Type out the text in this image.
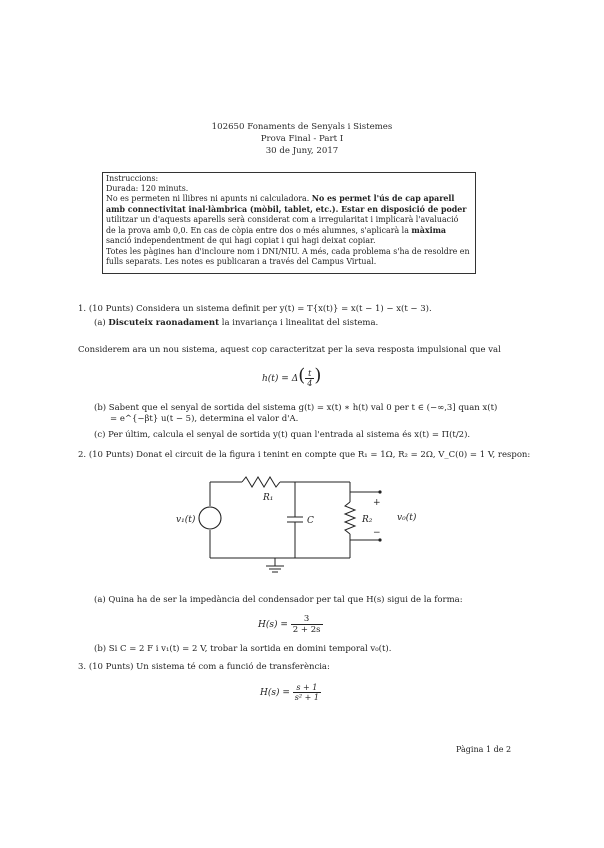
102650 Fonaments de Senyals i Sistemes
Prova Final - Part I
30 de Juny, 2017
Instruccions:
Durada: 120 minuts.
No es permeten ni llibres ni apunts ni calculadora. No es permet l'ús de cap aparell
amb connectivitat inal·làmbrica (mòbil, tablet, etc.). Estar en disposició de poder
utilitzar un d'aquests aparells serà considerat com a irregularitat i implicarà l'avaluació
de la prova amb 0,0. En cas de còpia entre dos o més alumnes, s'aplicarà la màxima
sanció independentment de qui hagi copiat i qui hagi deixat copiar.
Totes les pàgines han d'incloure nom i DNI/NIU. A més, cada problema s'ha de resoldre en
fulls separats. Les notes es publicaran a través del Campus Virtual.
1. (10 Punts) Considera un sistema definit per y(t) = T{x(t)} = x(t − 1) − x(t − 3).
(a) Discuteix raonadament la invariança i linealitat del sistema.
Considerem ara un nou sistema, aquest cop caracteritzat per la seva resposta impulsional que val
$h(t) = \Delta( \frac{t}{4}$ )
(b) Sabent que el senyal de sortida del sistema g(t) = x(t) ∗ h(t) val 0 per t ∈ (−∞,3] quan x(t)
= e^{−βt} u(t − 5), determina el valor d'A.
(c) Per últim, calcula el senyal de sortida y(t) quan l'entrada al sistema és x(t) = Π(t/2).
2. (10 Punts) Donat el circuit de la figura i tenint en compte que R₁ = 1Ω, R₂ = 2Ω, V_C(0) = 1 V, respon:
v₁(t)
R₁
C	R₂	v₀(t)
+
−
(a) Quina ha de ser la impedància del condensador per tal que H(s) sigui de la forma:
$H(s) = \frac{3}{2 + 2s}$
(b) Si C = 2 F i v₁(t) = 2 V, trobar la sortida en domini temporal v₀(t).
3. (10 Punts) Un sistema té com a funció de transferència:
$H(s) = \frac{s + 1}{\text{s² + 1}}$
Pàgina 1 de 2
